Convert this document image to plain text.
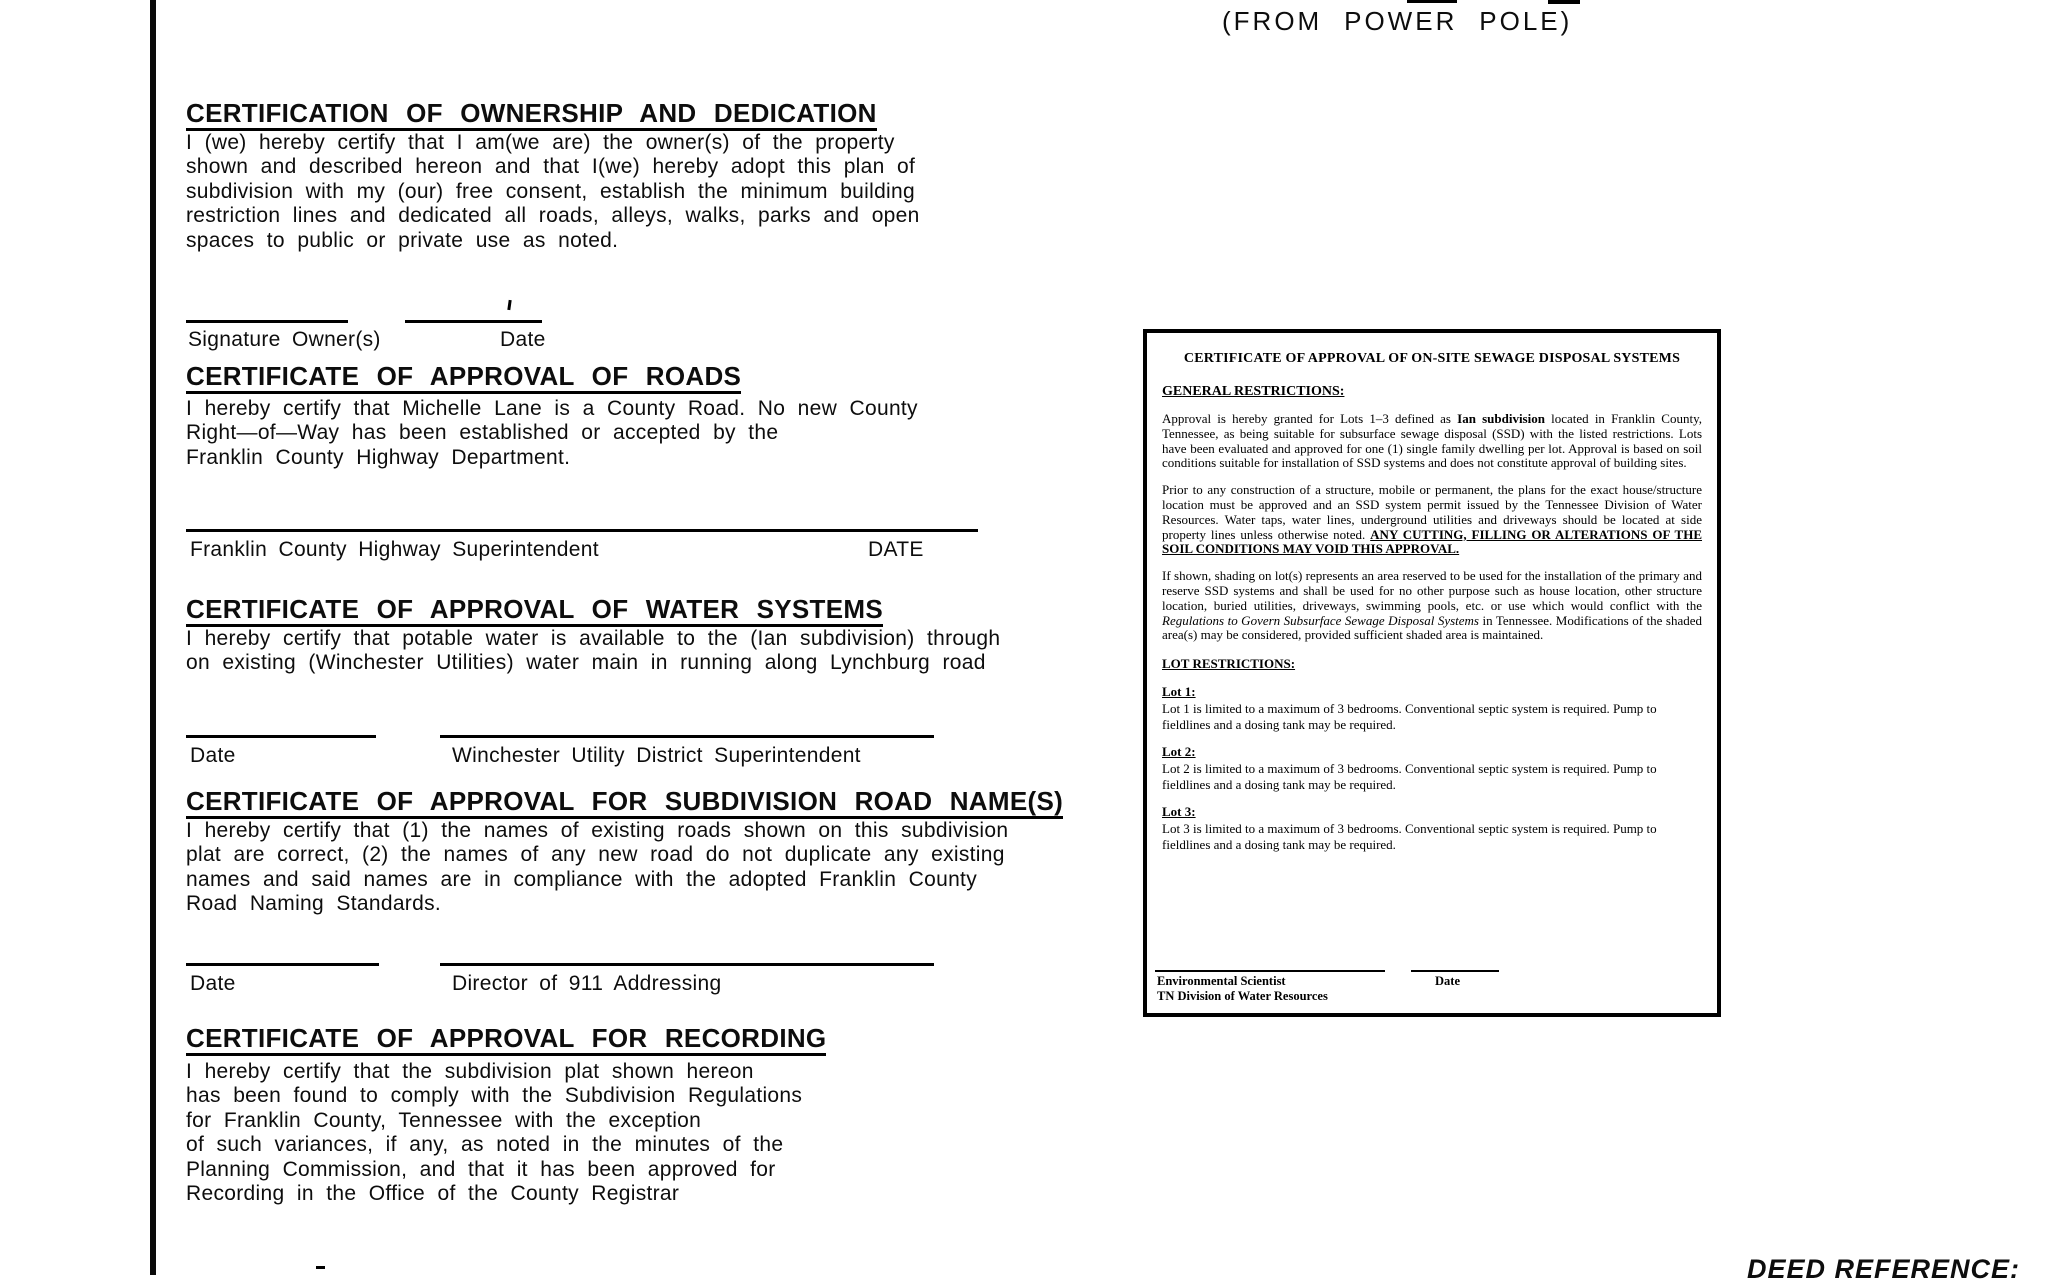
(FROM POWER POLE)
CERTIFICATION OF OWNERSHIP AND DEDICATION
I (we) hereby certify that I am(we are) the owner(s) of the property
shown and described hereon and that I(we) hereby adopt this plan of
subdivision with my (our) free consent, establish the minimum building
restriction lines and dedicated all roads, alleys, walks, parks and open
spaces to public or private use as noted.
Signature Owner(s)	Date
CERTIFICATE OF APPROVAL OF ROADS
I hereby certify that Michelle Lane is a County Road. No new County
Right—of—Way has been established or accepted by the
Franklin County Highway Department.
Franklin County Highway Superintendent	DATE
CERTIFICATE OF APPROVAL OF WATER SYSTEMS
I hereby certify that potable water is available to the (Ian subdivision) through
on existing (Winchester Utilities) water main in running along Lynchburg road
Date	Winchester Utility District Superintendent
CERTIFICATE OF APPROVAL FOR SUBDIVISION ROAD NAME(S)
I hereby certify that (1) the names of existing roads shown on this subdivision
plat are correct, (2) the names of any new road do not duplicate any existing
names and said names are in compliance with the adopted Franklin County
Road Naming Standards.
Date	Director of 911 Addressing
CERTIFICATE OF APPROVAL FOR RECORDING
I hereby certify that the subdivision plat shown hereon
has been found to comply with the Subdivision Regulations
for Franklin County, Tennessee with the exception
of such variances, if any, as noted in the minutes of the
Planning Commission, and that it has been approved for
Recording in the Office of the County Registrar
DEED REFERENCE:
CERTIFICATE OF APPROVAL OF ON-SITE SEWAGE DISPOSAL SYSTEMS
GENERAL RESTRICTIONS:
Approval is hereby granted for Lots 1–3 defined as Ian subdivision located in Franklin County, Tennessee, as being suitable for subsurface sewage disposal (SSD) with the listed restrictions. Lots have been evaluated and approved for one (1) single family dwelling per lot. Approval is based on soil conditions suitable for installation of SSD systems and does not constitute approval of building sites.
Prior to any construction of a structure, mobile or permanent, the plans for the exact house/structure location must be approved and an SSD system permit issued by the Tennessee Division of Water Resources. Water taps, water lines, underground utilities and driveways should be located at side property lines unless otherwise noted. ANY CUTTING, FILLING OR ALTERATIONS OF THE SOIL CONDITIONS MAY VOID THIS APPROVAL.
If shown, shading on lot(s) represents an area reserved to be used for the installation of the primary and reserve SSD systems and shall be used for no other purpose such as house location, other structure location, buried utilities, driveways, swimming pools, etc. or use which would conflict with the Regulations to Govern Subsurface Sewage Disposal Systems in Tennessee. Modifications of the shaded area(s) may be considered, provided sufficient shaded area is maintained.
LOT RESTRICTIONS:
Lot 1:
Lot 1 is limited to a maximum of 3 bedrooms. Conventional septic system is required. Pump to fieldlines and a dosing tank may be required.
Lot 2:
Lot 2 is limited to a maximum of 3 bedrooms. Conventional septic system is required. Pump to fieldlines and a dosing tank may be required.
Lot 3:
Lot 3 is limited to a maximum of 3 bedrooms. Conventional septic system is required. Pump to fieldlines and a dosing tank may be required.
Environmental Scientist
TN Division of Water Resources
Date
